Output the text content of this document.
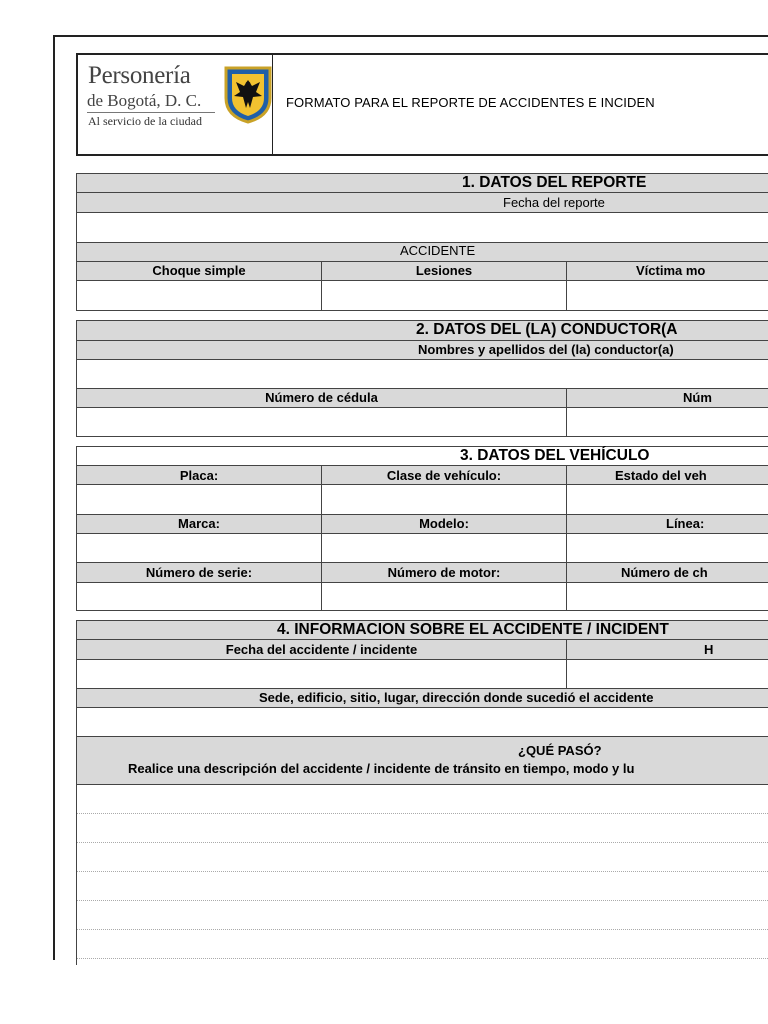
Personería
de Bogotá, D. C.
Al servicio de la ciudad
FORMATO PARA EL REPORTE DE ACCIDENTES E INCIDEN
1. DATOS DEL REPORTE
Fecha del reporte
ACCIDENTE
Choque simple	Lesiones	Víctima mo
2. DATOS DEL (LA) CONDUCTOR(A
Nombres y apellidos del (la) conductor(a)
Número de cédula	Núm
3. DATOS DEL VEHÍCULO
Placa:	Clase de vehículo:	Estado del veh
Marca:	Modelo:	Línea:
Número de serie:	Número de motor:	Número de ch
4. INFORMACION SOBRE EL ACCIDENTE / INCIDENT
Fecha del accidente / incidente	H
Sede, edificio, sitio, lugar, dirección donde sucedió el accidente
¿QUÉ PASÓ?
Realice una descripción del accidente / incidente de tránsito en tiempo, modo y lu
